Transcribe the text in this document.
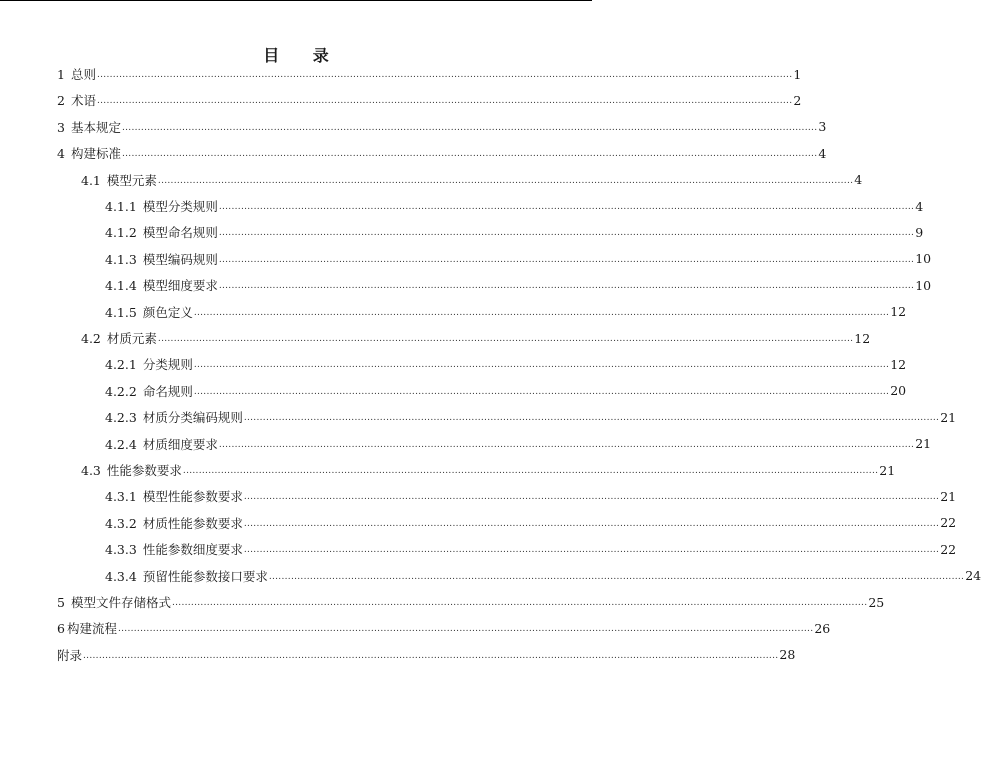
目 录
1 总则 ............................................................................................................................................................................................................................ 1
2 术语 ............................................................................................................................................................................................................................ 2
3 基本规定 ............................................................................................................................................................................................................................ 3
4 构建标准 ............................................................................................................................................................................................................................ 4
4.1 模型元素 ............................................................................................................................................................................................................................ 4
4.1.1 模型分类规则 ............................................................................................................................................................................................................................ 4
4.1.2 模型命名规则 ............................................................................................................................................................................................................................ 9
4.1.3 模型编码规则 ............................................................................................................................................................................................................................ 10
4.1.4 模型细度要求 ............................................................................................................................................................................................................................ 10
4.1.5 颜色定义 ............................................................................................................................................................................................................................ 12
4.2 材质元素 ............................................................................................................................................................................................................................ 12
4.2.1 分类规则 ............................................................................................................................................................................................................................ 12
4.2.2 命名规则 ............................................................................................................................................................................................................................ 20
4.2.3 材质分类编码规则 ............................................................................................................................................................................................................................ 21
4.2.4 材质细度要求 ............................................................................................................................................................................................................................ 21
4.3 性能参数要求 ............................................................................................................................................................................................................................ 21
4.3.1 模型性能参数要求 ............................................................................................................................................................................................................................ 21
4.3.2 材质性能参数要求 ............................................................................................................................................................................................................................ 22
4.3.3 性能参数细度要求 ............................................................................................................................................................................................................................ 22
4.3.4 预留性能参数接口要求 ............................................................................................................................................................................................................................ 24
5 模型文件存储格式 ............................................................................................................................................................................................................................ 25
6 构建流程 ............................................................................................................................................................................................................................ 26
附录 ............................................................................................................................................................................................................................ 28
